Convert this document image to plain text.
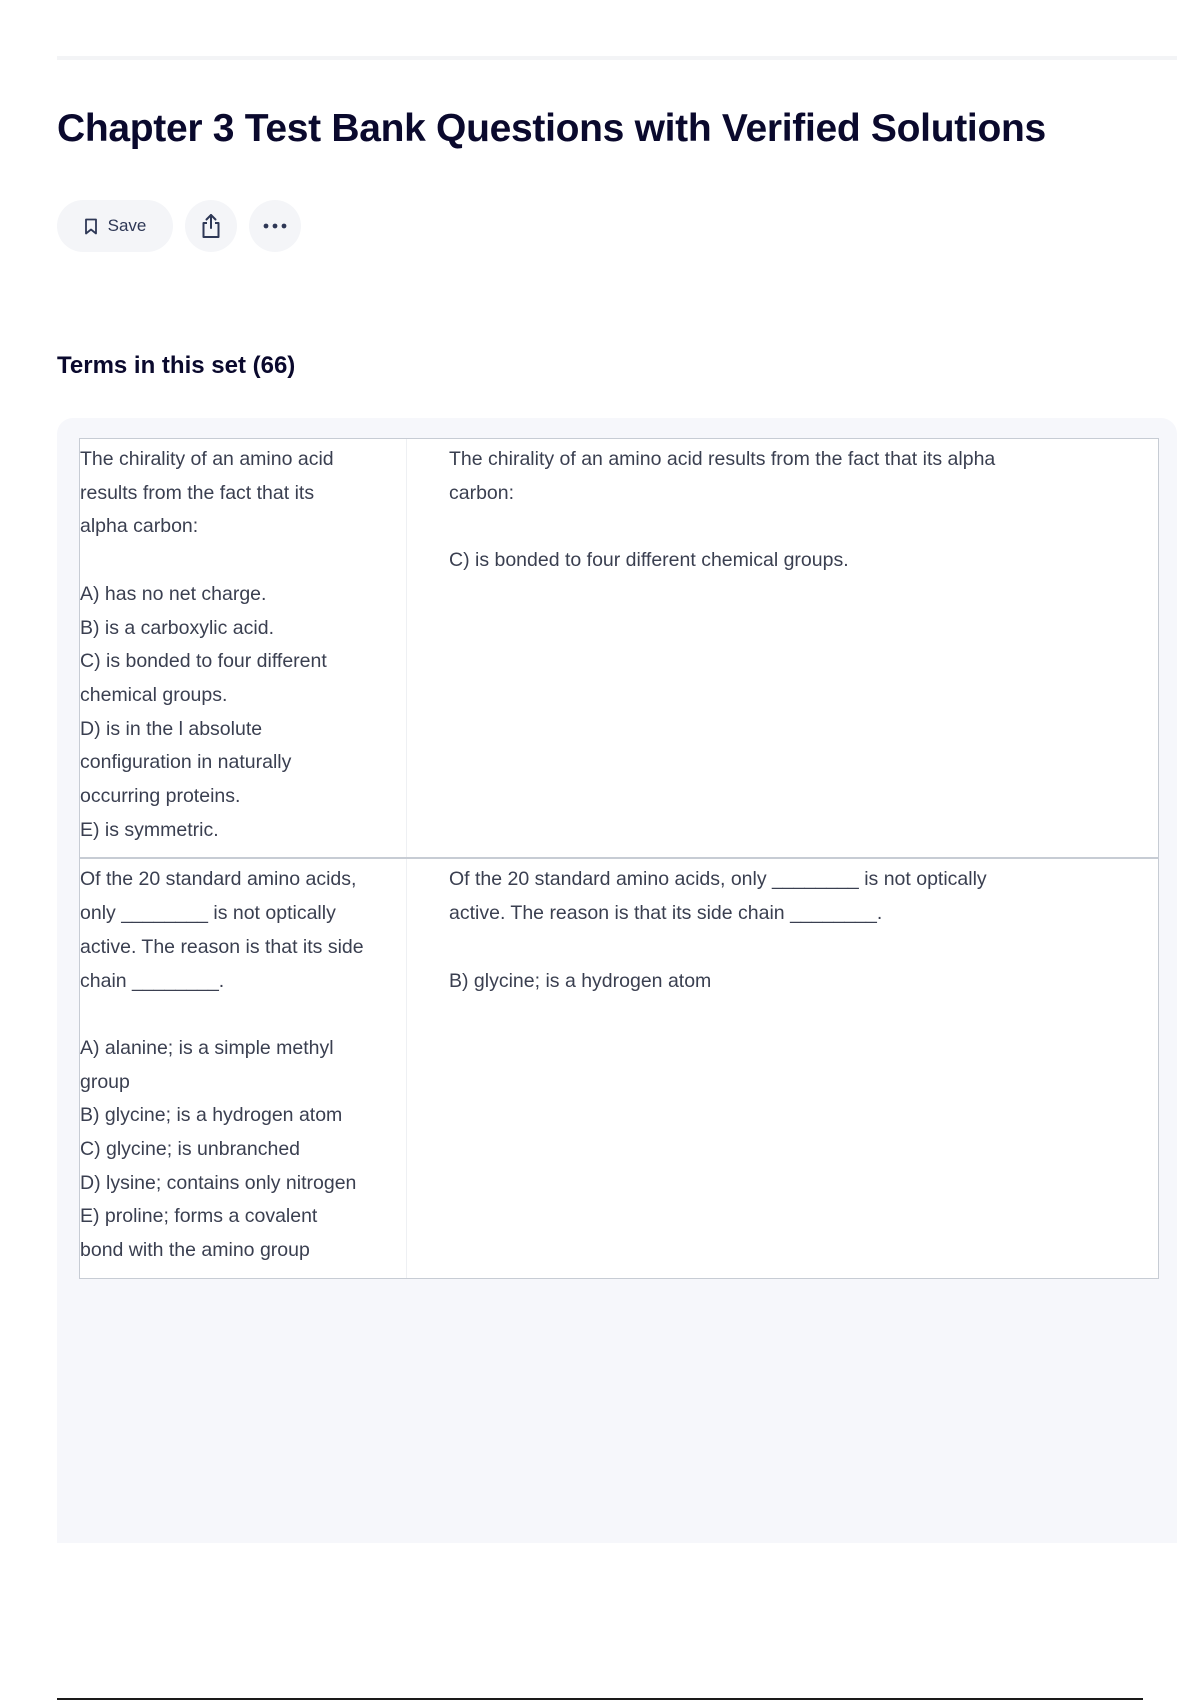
Chapter 3 Test Bank Questions with Verified Solutions
Save
Terms in this set (66)
The chirality of an amino acid
results from the fact that its
alpha carbon:
A) has no net charge.
B) is a carboxylic acid.
C) is bonded to four different
chemical groups.
D) is in the l absolute
configuration in naturally
occurring proteins.
E) is symmetric.
The chirality of an amino acid results from the fact that its alpha
carbon:
C) is bonded to four different chemical groups.
Of the 20 standard amino acids,
only ________ is not optically
active. The reason is that its side
chain ________.
A) alanine; is a simple methyl
group
B) glycine; is a hydrogen atom
C) glycine; is unbranched
D) lysine; contains only nitrogen
E) proline; forms a covalent
bond with the amino group
Of the 20 standard amino acids, only ________ is not optically
active. The reason is that its side chain ________.
B) glycine; is a hydrogen atom
